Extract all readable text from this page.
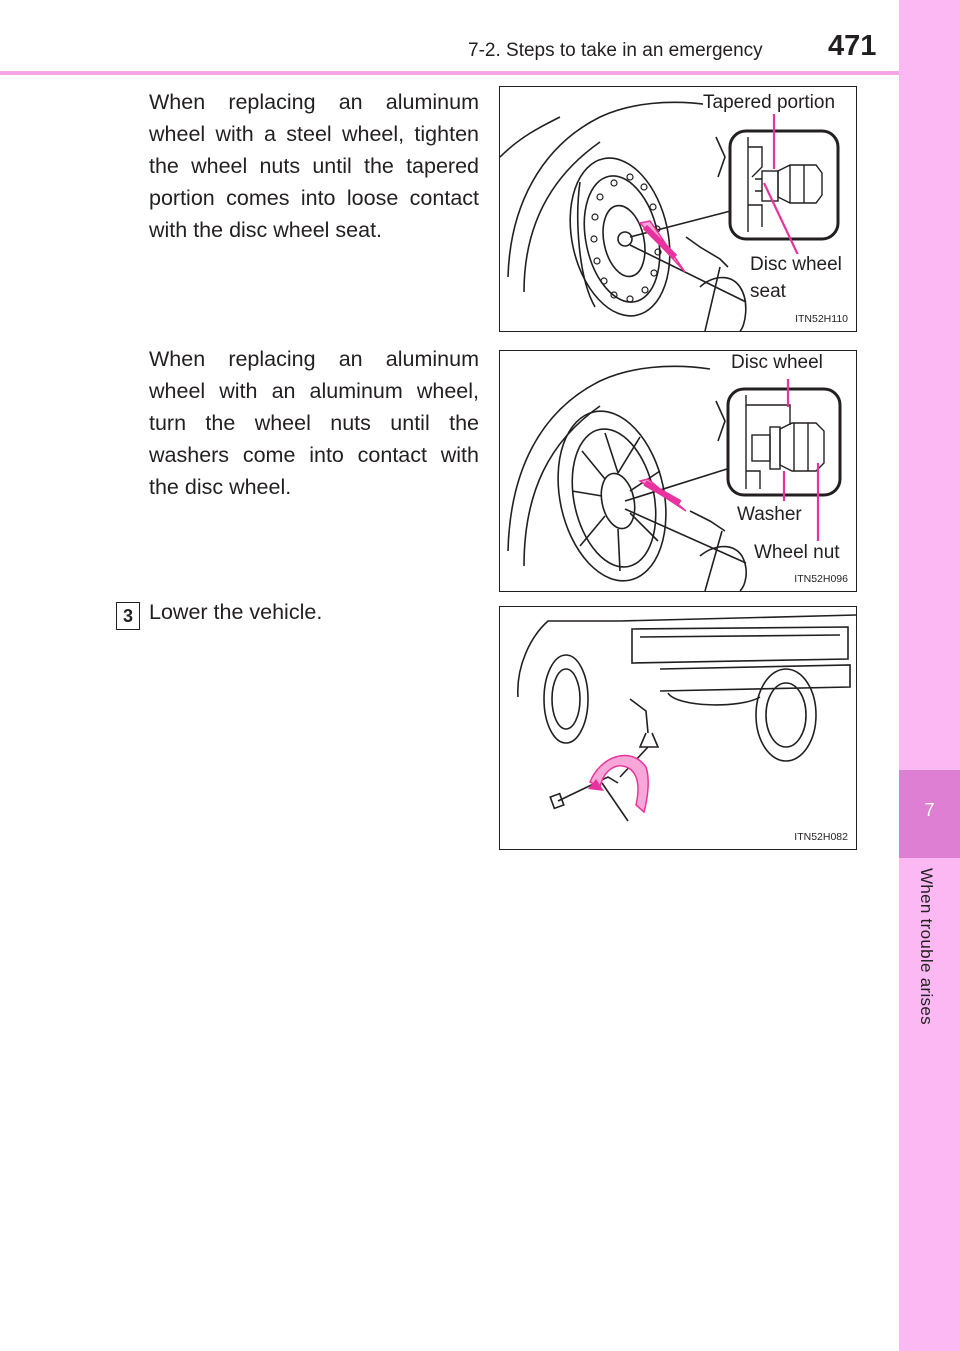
7-2. Steps to take in an emergency 471
7
When trouble arises

When replacing an aluminum wheel with a steel wheel, tighten the wheel nuts until the tapered portion comes into loose contact with the disc wheel seat.

When replacing an aluminum wheel with an aluminum wheel, turn the wheel nuts until the washers come into contact with the disc wheel.

3 Lower the vehicle.
Tapered portion
Disc wheel
seat
ITN52H110
Disc wheel
Washer
Wheel nut
ITN52H096
ITN52H082
